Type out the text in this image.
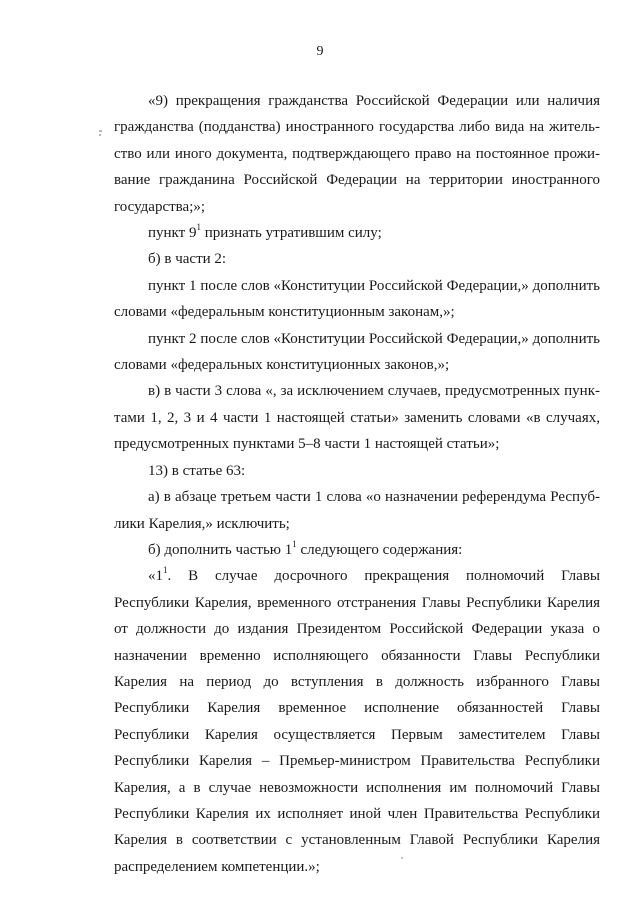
9

«9) прекращения гражданства Российской Федерации или наличия гражданства (подданства) иностранного государства либо вида на жительство или иного документа, подтверждающего право на постоянное проживание гражданина Российской Федерации на территории иностранного государства;»;

пункт $9^1$ признать утратившим силу;

б) в части 2:

пункт 1 после слов «Конституции Российской Федерации,» дополнить словами «федеральным конституционным законам,»;

пункт 2 после слов «Конституции Российской Федерации,» дополнить словами «федеральных конституционных законов,»;

в) в части 3 слова «, за исключением случаев, предусмотренных пунктами 1, 2, 3 и 4 части 1 настоящей статьи» заменить словами «в случаях, предусмотренных пунктами 5–8 части 1 настоящей статьи»;

13) в статье 63:

а) в абзаце третьем части 1 слова «о назначении референдума Республики Карелия,» исключить;

б) дополнить частью $1^1$ следующего содержания:

«$1^1$. В случае досрочного прекращения полномочий Главы Республики Карелия, временного отстранения Главы Республики Карелия от должности до издания Президентом Российской Федерации указа о назначении временно исполняющего обязанности Главы Республики Карелия на период до вступления в должность избранного Главы Республики Карелия временное исполнение обязанностей Главы Республики Карелия осуществляется Первым заместителем Главы Республики Карелия – Премьер-министром Правительства Республики Карелия, а в случае невозможности исполнения им полномочий Главы Республики Карелия их исполняет иной член Правительства Республики Карелия в соответствии с установленным Главой Республики Карелия распределением компетенции.»;
